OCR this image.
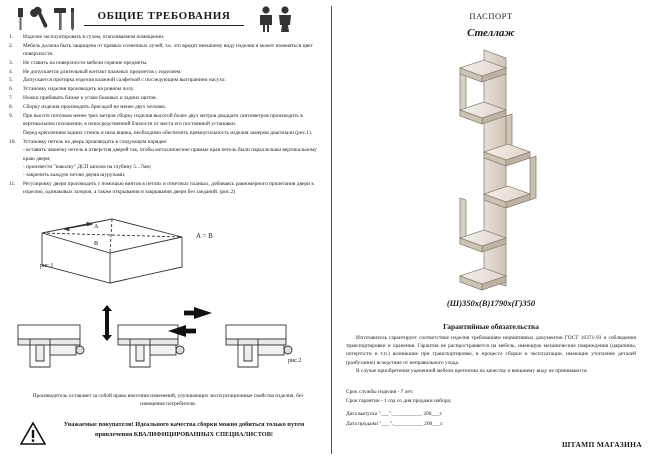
ОБЩИЕ ТРЕБОВАНИЯ
1.	Изделие эксплуатировать в сухом, отапливаемом помещении.
2.	Мебель должна быть защищена от прямых солнечных лучей, т.к. это вредит внешнему виду изделия и может изменяться цвет поверхности.
3.	Не ставить на поверхности мебели горячие предметы.
4.	Не допускается длительный контакт влажных предметов с изделием.
5.	Допускается протирка изделия влажной салфеткой с последующим вытиранием насухо.
6.	Установку изделия производить на ровном полу.
7.	Ножки прибивать ближе к углам боковых и задних щитов.
8.	Сборку изделия производить бригадой не менее двух человек.
9.	При высоте потолков менее трех метров сборку изделия высотой более двух метров двадцати сантиметров производить в вертикальном положении, в непосредственной близости от места его постоянной установки.
Перед креплением задних стенок и низа ящика, необходимо обеспечить прямоугольность изделия замером диагонали (рис.1).
10.	Установку петель на дверь производить в следующем порядке:
- вставить чашечку петель в отверстия дверей так, чтобы металлические прямые края петель были параллельны вертикальному краю двери;
- произвести "наколку" ДСП шилом на глубину 5...7мм;
- закрепить каждую петлю двумя шурупами.
11.	Регулировку двери производить с помощью винтов в петлях и ответных планках, добиваясь равномерного прилегания двери к изделию, одинаковых зазоров, а также открывания и закрывания двери без заеданий. (рис.2)
A
B
рис.1
A = B
рис.2
Производитель оставляет за собой право внесения изменений, улучшающих эксплуатационные свойства изделия, без извещения потребителя.
Уважаемые покупатели! Идеального качества сборки можно добиться только путем привлечения КВАЛИФИЦИРОВАННЫХ СПЕЦИАЛИСТОВ!
ПАСПОРТ
Стеллаж
(Ш)350х(В)1790х(Г)350
Гарантийные обязательства

Изготовитель гарантирует соответствие изделия требованиям нормативных документов ГОСТ 16371-93 и соблюдения транспортировки и хранения. Гарантия не распространяется на мебель, имеющую механические повреждения (царапины, потертости и т.п.) возникшие при транспортировке, в процессе сборки и эксплуатации, имеющие утопление деталей (разбухание) вследствие от неправильного ухода.

В случае приобретения уцененной мебели претензии по качеству и внешнему виду не принимаются.

Срок службы изделия - 7 лет;
Срок гарантии - 1 год со дня продажи набора;
Дата выпуска "___".___________ 200___г.
Дата продажи "___".___________ 200___г.
ШТАМП МАГАЗИНА
